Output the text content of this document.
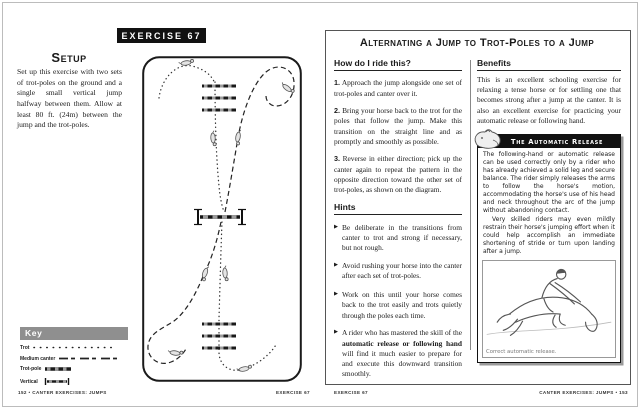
EXERCISE 67
Setup
Set up this exercise with two sets of trot-poles on the ground and a single small vertical jump halfway between them. Allow at least 80 ft. (24m) between the jump and the trot-poles.
Key
Trot
Medium canter
Trot-pole
Vertical
152 • CANTER EXERCISES: JUMPS	EXERCISE 67
Alternating a Jump to Trot-Poles to a Jump
How do I ride this?

1. Approach the jump alongside one set of trot-poles and canter over it.

2. Bring your horse back to the trot for the poles that follow the jump. Make this transition on the straight line and as promptly and smoothly as possible.

3. Reverse in either direction; pick up the canter again to repeat the pattern in the opposite direction toward the other set of trot-poles, as shown on the diagram.

Hints

▶ Be deliberate in the transitions from canter to trot and strong if necessary, but not rough.

▶ Avoid rushing your horse into the canter after each set of trot-poles.

▶ Work on this until your horse comes back to the trot easily and trots quietly through the poles each time.

▶ A rider who has mastered the skill of the automatic release or following hand will find it much easier to prepare for and execute this downward transition smoothly.

Benefits

This is an excellent schooling exercise for relaxing a tense horse or for settling one that becomes strong after a jump at the canter. It is also an excellent exercise for practicing your automatic release or following hand.

The Automatic Release

The following-hand or automatic release can be used correctly only by a rider who has already achieved a solid leg and secure balance. The rider simply releases the arms to follow the horse's motion, accommodating the horse's use of his head and neck throughout the arc of the jump without abandoning contact.

Very skilled riders may even mildly restrain their horse's jumping effort when it could help accomplish an immediate shortening of stride or turn upon landing after a jump.

Correct automatic release.
EXERCISE 67	CANTER EXERCISES: JUMPS • 153
